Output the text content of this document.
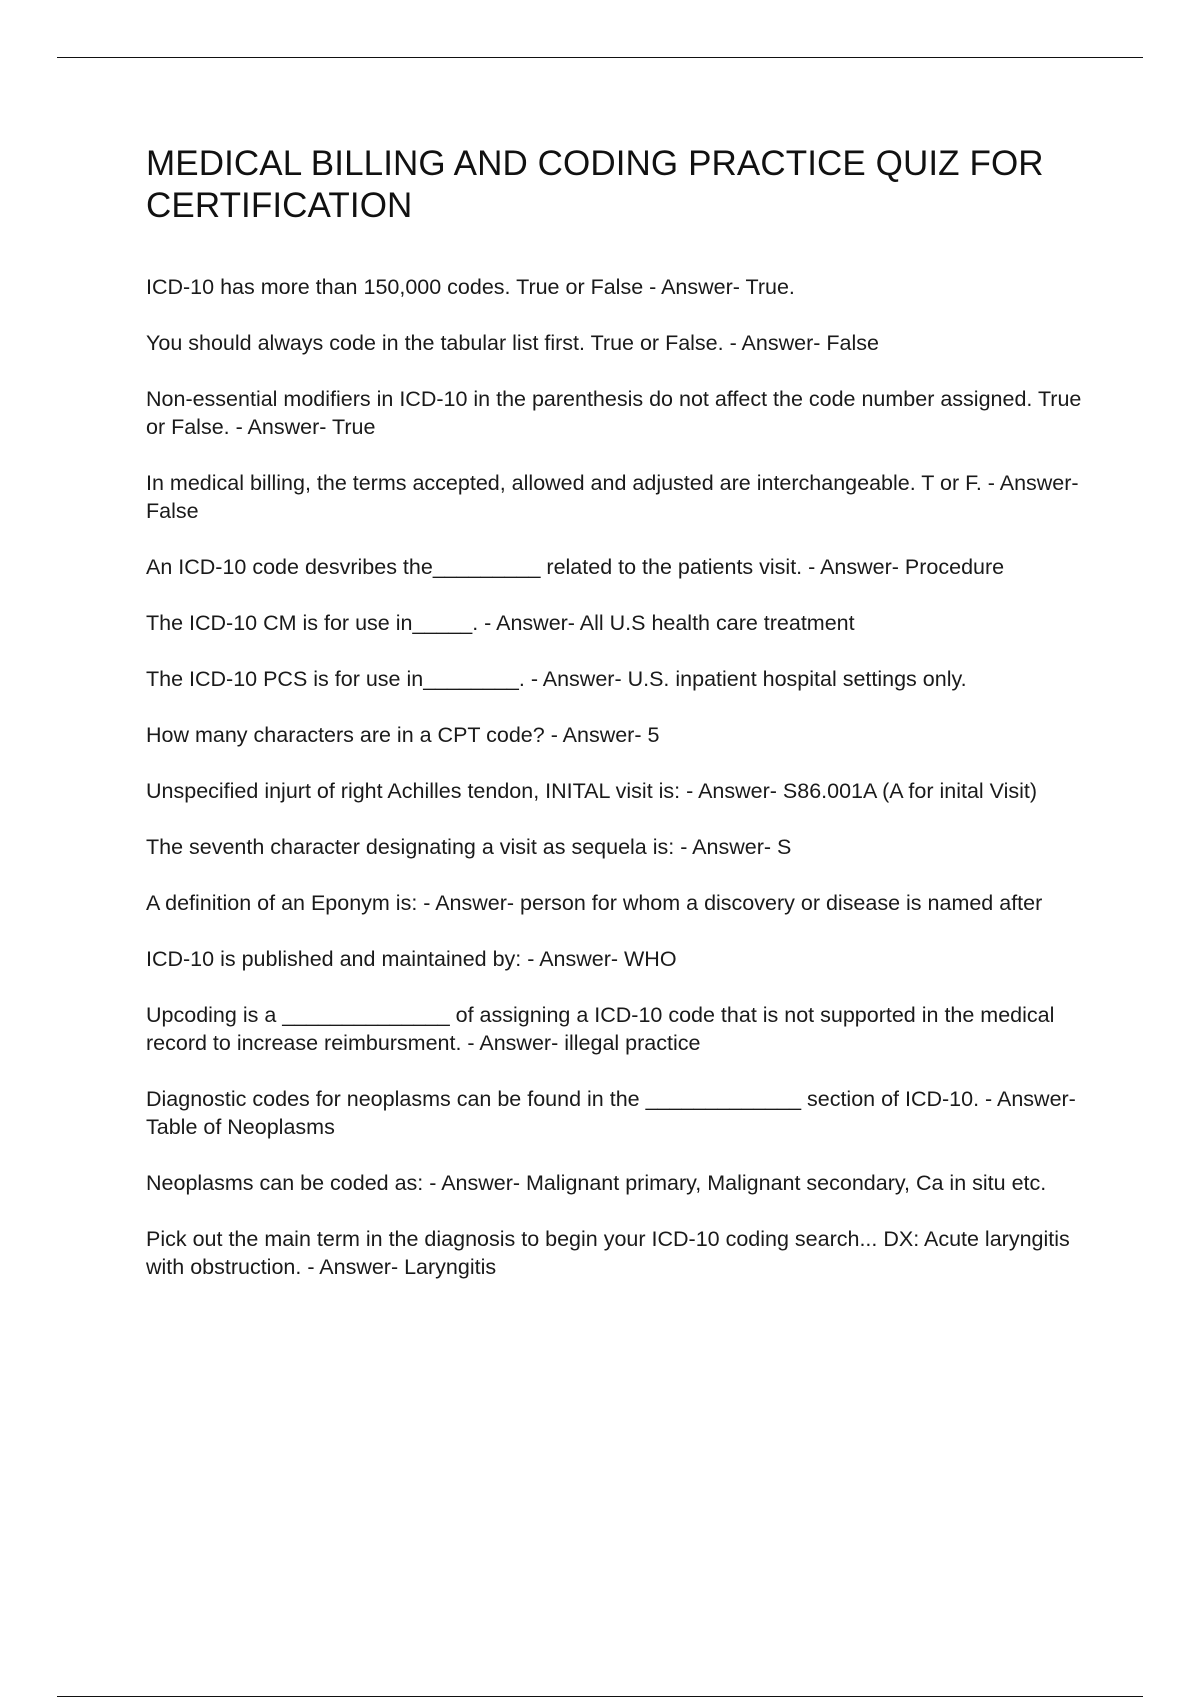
MEDICAL BILLING AND CODING PRACTICE QUIZ FOR CERTIFICATION
ICD-10 has more than 150,000 codes. True or False - Answer- True.
You should always code in the tabular list first. True or False. - Answer- False
Non-essential modifiers in ICD-10 in the parenthesis do not affect the code number assigned. True or False. - Answer- True
In medical billing, the terms accepted, allowed and adjusted are interchangeable. T or F. - Answer- False
An ICD-10 code desvribes the_________ related to the patients visit. - Answer- Procedure
The ICD-10 CM is for use in_____. - Answer- All U.S health care treatment
The ICD-10 PCS is for use in________. - Answer- U.S. inpatient hospital settings only.
How many characters are in a CPT code? - Answer- 5
Unspecified injurt of right Achilles tendon, INITAL visit is: - Answer- S86.001A (A for inital Visit)
The seventh character designating a visit as sequela is: - Answer- S
A definition of an Eponym is: - Answer- person for whom a discovery or disease is named after
ICD-10 is published and maintained by: - Answer- WHO
Upcoding is a ______________ of assigning a ICD-10 code that is not supported in the medical record to increase reimbursment. - Answer- illegal practice
Diagnostic codes for neoplasms can be found in the _____________ section of ICD-10. - Answer- Table of Neoplasms
Neoplasms can be coded as: - Answer- Malignant primary, Malignant secondary, Ca in situ etc.
Pick out the main term in the diagnosis to begin your ICD-10 coding search... DX: Acute laryngitis with obstruction. - Answer- Laryngitis
